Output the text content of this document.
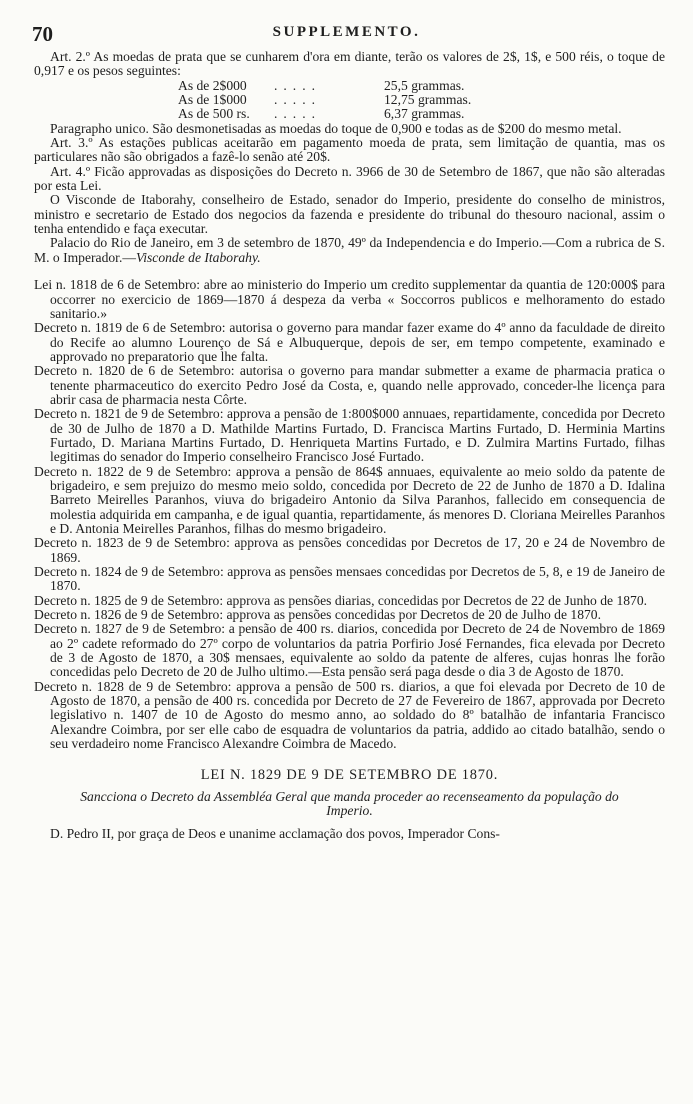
70	SUPPLEMENTO.

Art. 2.º As moedas de prata que se cunharem d'ora em diante, terão os valores de 2$, 1$, e 500 réis, o toque de 0,917 e os pesos seguintes:

As de 2$000	.....	25,5 grammas.
As de 1$000	.....	12,75 grammas.
As de 500 rs.	.....	6,37 grammas.

Paragrapho unico. São desmonetisadas as moedas do toque de 0,900 e todas as de $200 do mesmo metal.

Art. 3.º As estações publicas aceitarão em pagamento moeda de prata, sem limitação de quantia, mas os particulares não são obrigados a fazê-lo senão até 20$.

Art. 4.º Ficão approvadas as disposições do Decreto n. 3966 de 30 de Setembro de 1867, que não são alteradas por esta Lei.

O Visconde de Itaborahy, conselheiro de Estado, senador do Imperio, presidente do conselho de ministros, ministro e secretario de Estado dos negocios da fazenda e presidente do tribunal do thesouro nacional, assim o tenha entendido e faça executar.

Palacio do Rio de Janeiro, em 3 de setembro de 1870, 49º da Independencia e do Imperio.—Com a rubrica de S. M. o Imperador.—Visconde de Itaborahy.

Lei n. 1818 de 6 de Setembro: abre ao ministerio do Imperio um credito supplementar da quantia de 120:000$ para occorrer no exercicio de 1869—1870 á despeza da verba « Soccorros publicos e melhoramento do estado sanitario.»

Decreto n. 1819 de 6 de Setembro: autorisa o governo para mandar fazer exame do 4º anno da faculdade de direito do Recife ao alumno Lourenço de Sá e Albuquerque, depois de ser, em tempo competente, examinado e approvado no preparatorio que lhe falta.

Decreto n. 1820 de 6 de Setembro: autorisa o governo para mandar submetter a exame de pharmacia pratica o tenente pharmaceutico do exercito Pedro José da Costa, e, quando nelle approvado, conceder-lhe licença para abrir casa de pharmacia nesta Côrte.

Decreto n. 1821 de 9 de Setembro: approva a pensão de 1:800$000 annuaes, repartidamente, concedida por Decreto de 30 de Julho de 1870 a D. Mathilde Martins Furtado, D. Francisca Martins Furtado, D. Herminia Martins Furtado, D. Mariana Martins Furtado, D. Henriqueta Martins Furtado, e D. Zulmira Martins Furtado, filhas legitimas do senador do Imperio conselheiro Francisco José Furtado.

Decreto n. 1822 de 9 de Setembro: approva a pensão de 864$ annuaes, equivalente ao meio soldo da patente de brigadeiro, e sem prejuizo do mesmo meio soldo, concedida por Decreto de 22 de Junho de 1870 a D. Idalina Barreto Meirelles Paranhos, viuva do brigadeiro Antonio da Silva Paranhos, fallecido em consequencia de molestia adquirida em campanha, e de igual quantia, repartidamente, ás menores D. Cloriana Meirelles Paranhos e D. Antonia Meirelles Paranhos, filhas do mesmo brigadeiro.

Decreto n. 1823 de 9 de Setembro: approva as pensões concedidas por Decretos de 17, 20 e 24 de Novembro de 1869.

Decreto n. 1824 de 9 de Setembro: approva as pensões mensaes concedidas por Decretos de 5, 8, e 19 de Janeiro de 1870.

Decreto n. 1825 de 9 de Setembro: approva as pensões diarias, concedidas por Decretos de 22 de Junho de 1870.

Decreto n. 1826 de 9 de Setembro: approva as pensões concedidas por Decretos de 20 de Julho de 1870.

Decreto n. 1827 de 9 de Setembro: a pensão de 400 rs. diarios, concedida por Decreto de 24 de Novembro de 1869 ao 2º cadete reformado do 27º corpo de voluntarios da patria Porfirio José Fernandes, fica elevada por Decreto de 3 de Agosto de 1870, a 30$ mensaes, equivalente ao soldo da patente de alferes, cujas honras lhe forão concedidas pelo Decreto de 20 de Julho ultimo.—Esta pensão será paga desde o dia 3 de Agosto de 1870.

Decreto n. 1828 de 9 de Setembro: approva a pensão de 500 rs. diarios, a que foi elevada por Decreto de 10 de Agosto de 1870, a pensão de 400 rs. concedida por Decreto de 27 de Fevereiro de 1867, approvada por Decreto legislativo n. 1407 de 10 de Agosto do mesmo anno, ao soldado do 8º batalhão de infantaria Francisco Alexandre Coimbra, por ser elle cabo de esquadra de voluntarios da patria, addido ao citado batalhão, sendo o seu verdadeiro nome Francisco Alexandre Coimbra de Macedo.

LEI N. 1829 DE 9 DE SETEMBRO DE 1870.
Sancciona o Decreto da Assembléa Geral que manda proceder ao recenseamento da população do Imperio.

D. Pedro II, por graça de Deos e unanime acclamação dos povos, Imperador Cons-
